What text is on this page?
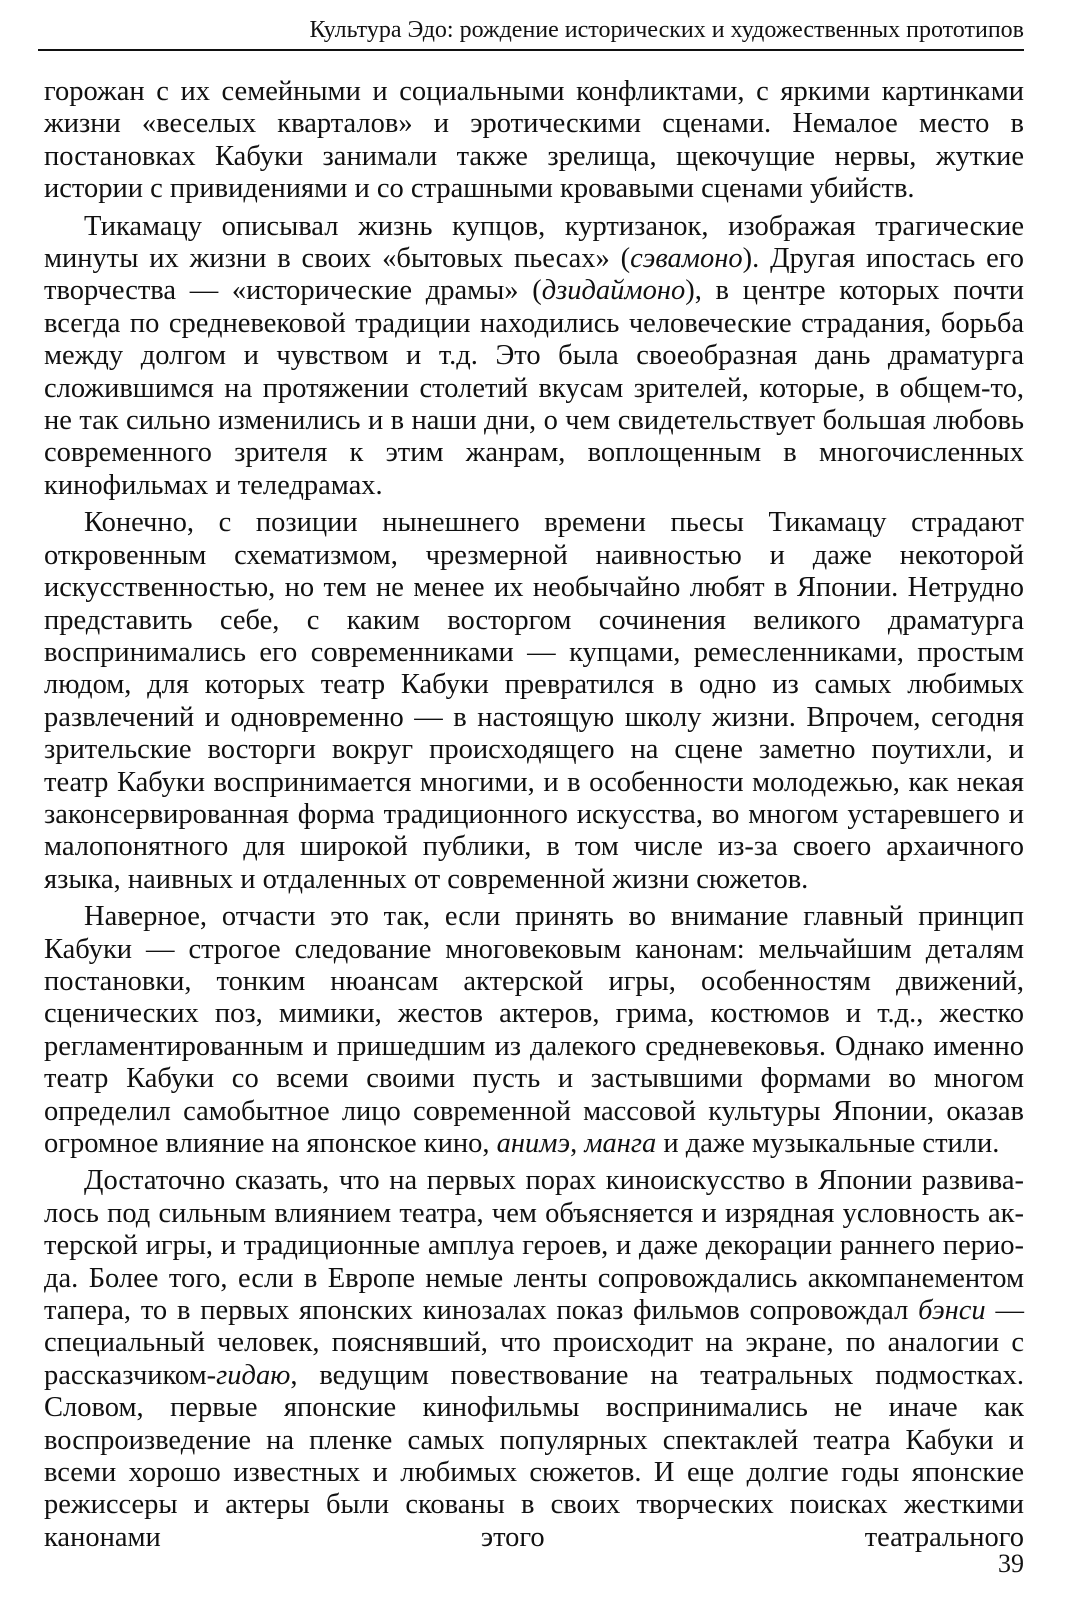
Культура Эдо: рождение исторических и художественных прототипов

горожан с их семейными и социальными конфликтами, с яркими картинками жизни «веселых кварталов» и эротическими сценами. Немалое место в постановках Кабуки занимали также зрелища, щекочущие нервы, жуткие истории с привидениями и со страшными кровавыми сценами убийств.

Тикамацу описывал жизнь купцов, куртизанок, изображая трагические минуты их жизни в своих «бытовых пьесах» (сэвамоно). Другая ипостась его творчества — «исторические драмы» (дзидаймоно), в центре которых почти всегда по средневековой традиции находились человеческие страдания, борьба между долгом и чувством и т.д. Это была своеобразная дань драматурга сложившимся на протяжении столетий вкусам зрителей, которые, в общем-то, не так сильно изменились и в наши дни, о чем свидетельствует большая любовь современного зрителя к этим жанрам, воплощенным в многочисленных кинофильмах и теледрамах.

Конечно, с позиции нынешнего времени пьесы Тикамацу страдают откровенным схематизмом, чрезмерной наивностью и даже некоторой искусственностью, но тем не менее их необычайно любят в Японии. Нетрудно представить себе, с каким восторгом сочинения великого драматурга воспринимались его современниками — купцами, ремесленниками, простым людом, для которых театр Кабуки превратился в одно из самых любимых развлечений и одновременно — в настоящую школу жизни. Впрочем, сегодня зрительские восторги вокруг происходящего на сцене заметно поутихли, и театр Кабуки воспринимается многими, и в особенности молодежью, как некая законсервированная форма традиционного искусства, во многом устаревшего и малопонятного для широкой публики, в том числе из-за своего архаичного языка, наивных и отдаленных от современной жизни сюжетов.

Наверное, отчасти это так, если принять во внимание главный принцип Кабуки — строгое следование многовековым канонам: мельчайшим деталям постановки, тонким нюансам актерской игры, особенностям движений, сценических поз, мимики, жестов актеров, грима, костюмов и т.д., жестко регламентированным и пришедшим из далекого средневековья. Однако именно театр Кабуки со всеми своими пусть и застывшими формами во многом определил самобытное лицо современной массовой культуры Японии, оказав огромное влияние на японское кино, анимэ, манга и даже музыкальные стили.

Достаточно сказать, что на первых порах киноискусство в Японии развивалось под сильным влиянием театра, чем объясняется и изрядная условность актерской игры, и традиционные амплуа героев, и даже декорации раннего периода. Более того, если в Европе немые ленты сопровождались аккомпанементом тапера, то в первых японских кинозалах показ фильмов сопровождал бэнси — специальный человек, пояснявший, что происходит на экране, по аналогии с рассказчиком-гидаю, ведущим повествование на театральных подмостках. Словом, первые японские кинофильмы воспринимались не иначе как воспроизведение на пленке самых популярных спектаклей театра Кабуки и всеми хорошо известных и любимых сюжетов. И еще долгие годы японские режиссеры и актеры были скованы в своих творческих поисках жесткими канонами этого театрального

39
